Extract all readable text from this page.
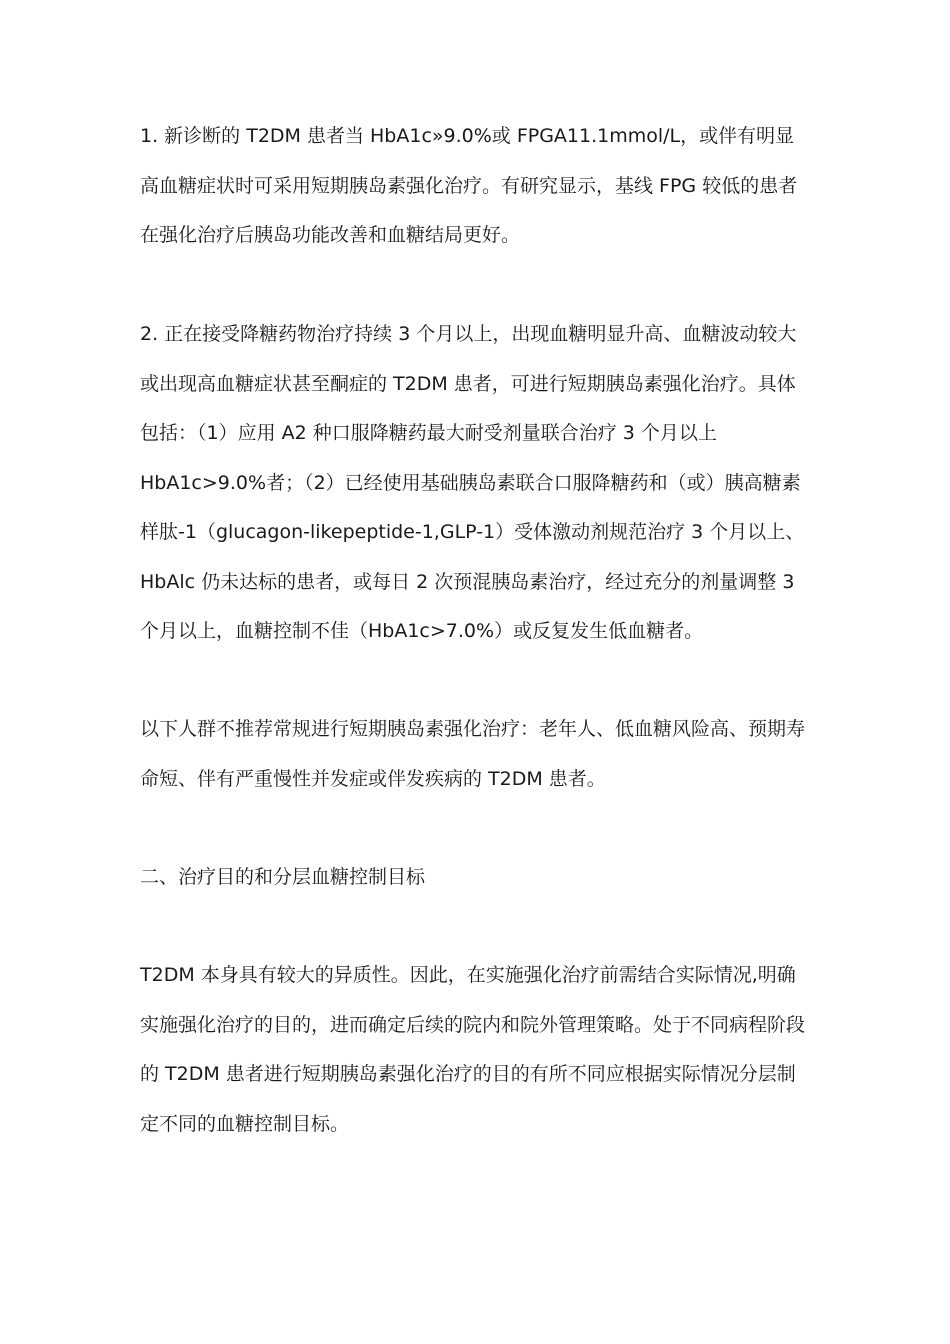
1. 新诊断的 T2DM 患者当 HbA1c»9.0%或 FPGA11.1mmol/L，或伴有明显
高血糖症状时可采用短期胰岛素强化治疗。有研究显示，基线 FPG 较低的患者
在强化治疗后胰岛功能改善和血糖结局更好。
2. 正在接受降糖药物治疗持续 3 个月以上，出现血糖明显升高、血糖波动较大
或出现高血糖症状甚至酮症的 T2DM 患者，可进行短期胰岛素强化治疗。具体
包括：（1）应用 A2 种口服降糖药最大耐受剂量联合治疗 3 个月以上
HbA1c>9.0%者；（2）已经使用基础胰岛素联合口服降糖药和（或）胰高糖素
样肽-1（glucagon-likepeptide-1,GLP-1）受体激动剂规范治疗 3 个月以上、
HbAlc 仍未达标的患者，或每日 2 次预混胰岛素治疗，经过充分的剂量调整 3
个月以上，血糖控制不佳（HbA1c>7.0%）或反复发生低血糖者。
以下人群不推荐常规进行短期胰岛素强化治疗：老年人、低血糖风险高、预期寿
命短、伴有严重慢性并发症或伴发疾病的 T2DM 患者。
二、治疗目的和分层血糖控制目标
T2DM 本身具有较大的异质性。因此，在实施强化治疗前需结合实际情况,明确
实施强化治疗的目的，进而确定后续的院内和院外管理策略。处于不同病程阶段
的 T2DM 患者进行短期胰岛素强化治疗的目的有所不同应根据实际情况分层制
定不同的血糖控制目标。
